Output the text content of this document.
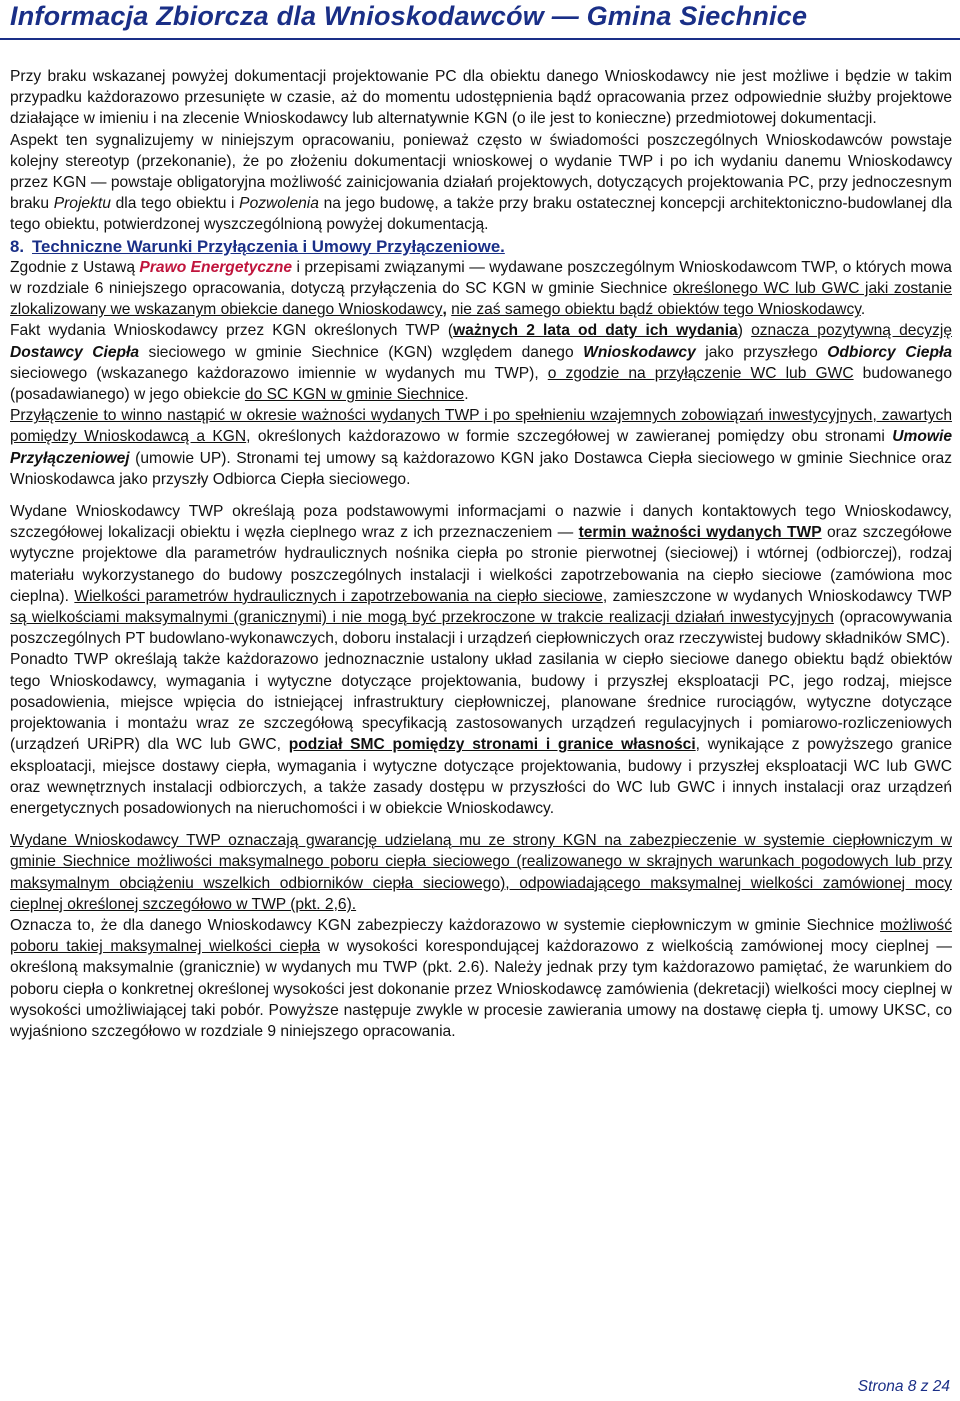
Informacja Zbiorcza dla Wnioskodawców — Gmina Siechnice

Przy braku wskazanej powyżej dokumentacji projektowanie PC dla obiektu danego Wnioskodawcy nie jest możliwe i będzie w takim przypadku każdorazowo przesunięte w czasie, aż do momentu udostępnienia bądź opracowania przez odpowiednie służby projektowe działające w imieniu i na zlecenie Wnioskodawcy lub alternatywnie KGN (o ile jest to konieczne) przedmiotowej dokumentacji.

Aspekt ten sygnalizujemy w niniejszym opracowaniu, ponieważ często w świadomości poszczególnych Wnioskodawców powstaje kolejny stereotyp (przekonanie), że po złożeniu dokumentacji wnioskowej o wydanie TWP i po ich wydaniu danemu Wnioskodawcy przez KGN — powstaje obligatoryjna możliwość zainicjowania działań projektowych, dotyczących projektowania PC, przy jednoczesnym braku Projektu dla tego obiektu i Pozwolenia na jego budowę, a także przy braku ostatecznej koncepcji architektoniczno-budowlanej dla tego obiektu, potwierdzonej wyszczególnioną powyżej dokumentacją.

8. Techniczne Warunki Przyłączenia i Umowy Przyłączeniowe.

Zgodnie z Ustawą Prawo Energetyczne i przepisami związanymi — wydawane poszczególnym Wnioskodawcom TWP, o których mowa w rozdziale 6 niniejszego opracowania, dotyczą przyłączenia do SC KGN w gminie Siechnice określonego WC lub GWC jaki zostanie zlokalizowany we wskazanym obiekcie danego Wnioskodawcy, nie zaś samego obiektu bądź obiektów tego Wnioskodawcy.

Fakt wydania Wnioskodawcy przez KGN określonych TWP (ważnych 2 lata od daty ich wydania) oznacza pozytywną decyzję Dostawcy Ciepła sieciowego w gminie Siechnice (KGN) względem danego Wnioskodawcy jako przyszłego Odbiorcy Ciepła sieciowego (wskazanego każdorazowo imiennie w wydanych mu TWP), o zgodzie na przyłączenie WC lub GWC budowanego (posadawianego) w jego obiekcie do SC KGN w gminie Siechnice.

Przyłączenie to winno nastąpić w okresie ważności wydanych TWP i po spełnieniu wzajemnych zobowiązań inwestycyjnych, zawartych pomiędzy Wnioskodawcą a KGN, określonych każdorazowo w formie szczegółowej w zawieranej pomiędzy obu stronami Umowie Przyłączeniowej (umowie UP). Stronami tej umowy są każdorazowo KGN jako Dostawca Ciepła sieciowego w gminie Siechnice oraz Wnioskodawca jako przyszły Odbiorca Ciepła sieciowego.

Wydane Wnioskodawcy TWP określają poza podstawowymi informacjami o nazwie i danych kontaktowych tego Wnioskodawcy, szczegółowej lokalizacji obiektu i węzła cieplnego wraz z ich przeznaczeniem — termin ważności wydanych TWP oraz szczegółowe wytyczne projektowe dla parametrów hydraulicznych nośnika ciepła po stronie pierwotnej (sieciowej) i wtórnej (odbiorczej), rodzaj materiału wykorzystanego do budowy poszczególnych instalacji i wielkości zapotrzebowania na ciepło sieciowe (zamówiona moc cieplna). Wielkości parametrów hydraulicznych i zapotrzebowania na ciepło sieciowe, zamieszczone w wydanych Wnioskodawcy TWP są wielkościami maksymalnymi (granicznymi) i nie mogą być przekroczone w trakcie realizacji działań inwestycyjnych (opracowywania poszczególnych PT budowlano-wykonawczych, doboru instalacji i urządzeń ciepłowniczych oraz rzeczywistej budowy składników SMC).

Ponadto TWP określają także każdorazowo jednoznacznie ustalony układ zasilania w ciepło sieciowe danego obiektu bądź obiektów tego Wnioskodawcy, wymagania i wytyczne dotyczące projektowania, budowy i przyszłej eksploatacji PC, jego rodzaj, miejsce posadowienia, miejsce wpięcia do istniejącej infrastruktury ciepłowniczej, planowane średnice rurociągów, wytyczne dotyczące projektowania i montażu wraz ze szczegółową specyfikacją zastosowanych urządzeń regulacyjnych i pomiarowo-rozliczeniowych (urządzeń URiPR) dla WC lub GWC, podział SMC pomiędzy stronami i granice własności, wynikające z powyższego granice eksploatacji, miejsce dostawy ciepła, wymagania i wytyczne dotyczące projektowania, budowy i przyszłej eksploatacji WC lub GWC oraz wewnętrznych instalacji odbiorczych, a także zasady dostępu w przyszłości do WC lub GWC i innych instalacji oraz urządzeń energetycznych posadowionych na nieruchomości i w obiekcie Wnioskodawcy.

Wydane Wnioskodawcy TWP oznaczają gwarancję udzielaną mu ze strony KGN na zabezpieczenie w systemie ciepłowniczym w gminie Siechnice możliwości maksymalnego poboru ciepła sieciowego (realizowanego w skrajnych warunkach pogodowych lub przy maksymalnym obciążeniu wszelkich odbiorników ciepła sieciowego), odpowiadającego maksymalnej wielkości zamówionej mocy cieplnej określonej szczegółowo w TWP (pkt. 2,6).

Oznacza to, że dla danego Wnioskodawcy KGN zabezpieczy każdorazowo w systemie ciepłowniczym w gminie Siechnice możliwość poboru takiej maksymalnej wielkości ciepła w wysokości korespondującej każdorazowo z wielkością zamówionej mocy cieplnej — określoną maksymalnie (granicznie) w wydanych mu TWP (pkt. 2.6). Należy jednak przy tym każdorazowo pamiętać, że warunkiem do poboru ciepła o konkretnej określonej wysokości jest dokonanie przez Wnioskodawcę zamówienia (dekretacji) wielkości mocy cieplnej w wysokości umożliwiającej taki pobór. Powyższe następuje zwykle w procesie zawierania umowy na dostawę ciepła tj. umowy UKSC, co wyjaśniono szczegółowo w rozdziale 9 niniejszego opracowania.

Strona 8 z 24
